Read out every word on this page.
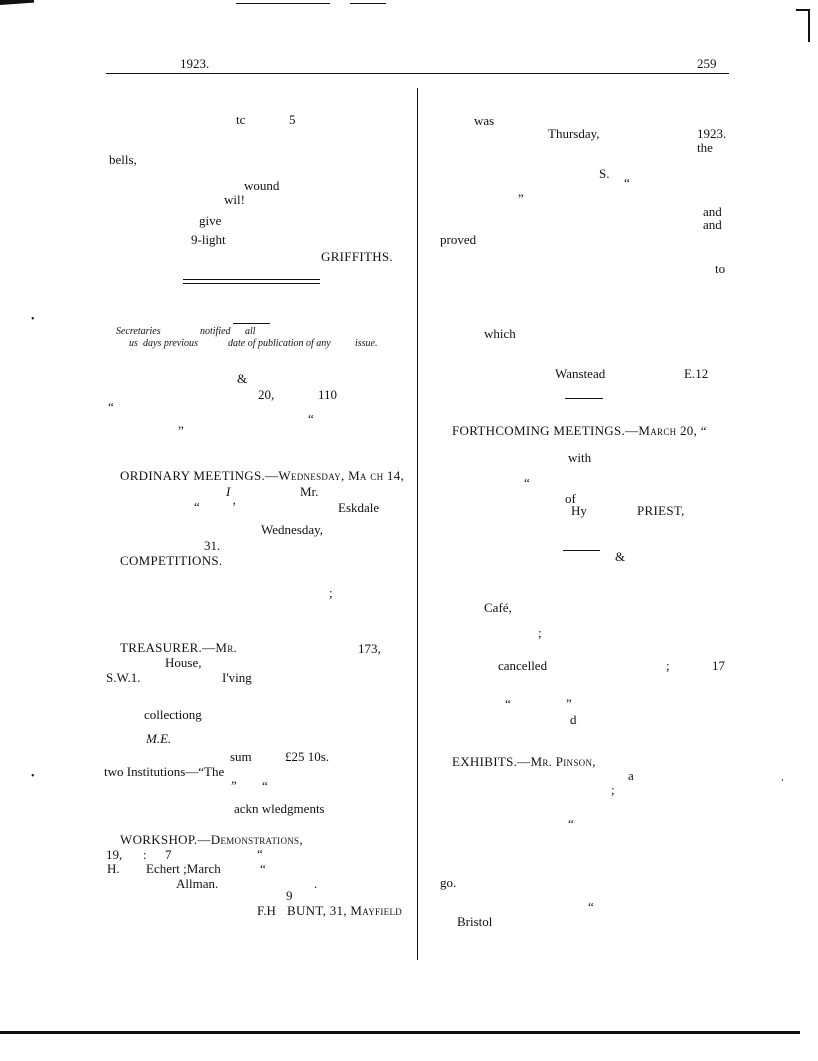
1923.	259
•
•	‘
tc	5
bells,
wound
wil!
give
9-light
GRIFFITHS.
Secretaries	notified all
us days previous	date of publication of any issue.
&
20,	110
“
“
”
ORDINARY MEETINGS.—Wednesday, Ma ch 14,
I	Mr.
“ ’	Eskdale
Wednesday,
31.
COMPETITIONS.
;
TREASURER.—Mr.	173,
House,
S.W.1.	I'ving
collectiong
M.E.
sum	£25 10s.
two Institutions—“The
” “
ackn wledgments
WORKSHOP.—Demonstrations,
19, : 7	“
H. Echert ;March	“
Allman.	.
9
F.H BUNT, 31, Mayfield
was
Thursday,	1923.
the
S.
“
”
and
and
proved
to
which
Wanstead	E.12
FORTHCOMING MEETINGS.—March 20, “
with
“
of
Hy	PRIEST,
&
Café,
;
cancelled	;	17
“	”
d
EXHIBITS.—Mr. Pinson,
a
;
“
go.
“
Bristol
